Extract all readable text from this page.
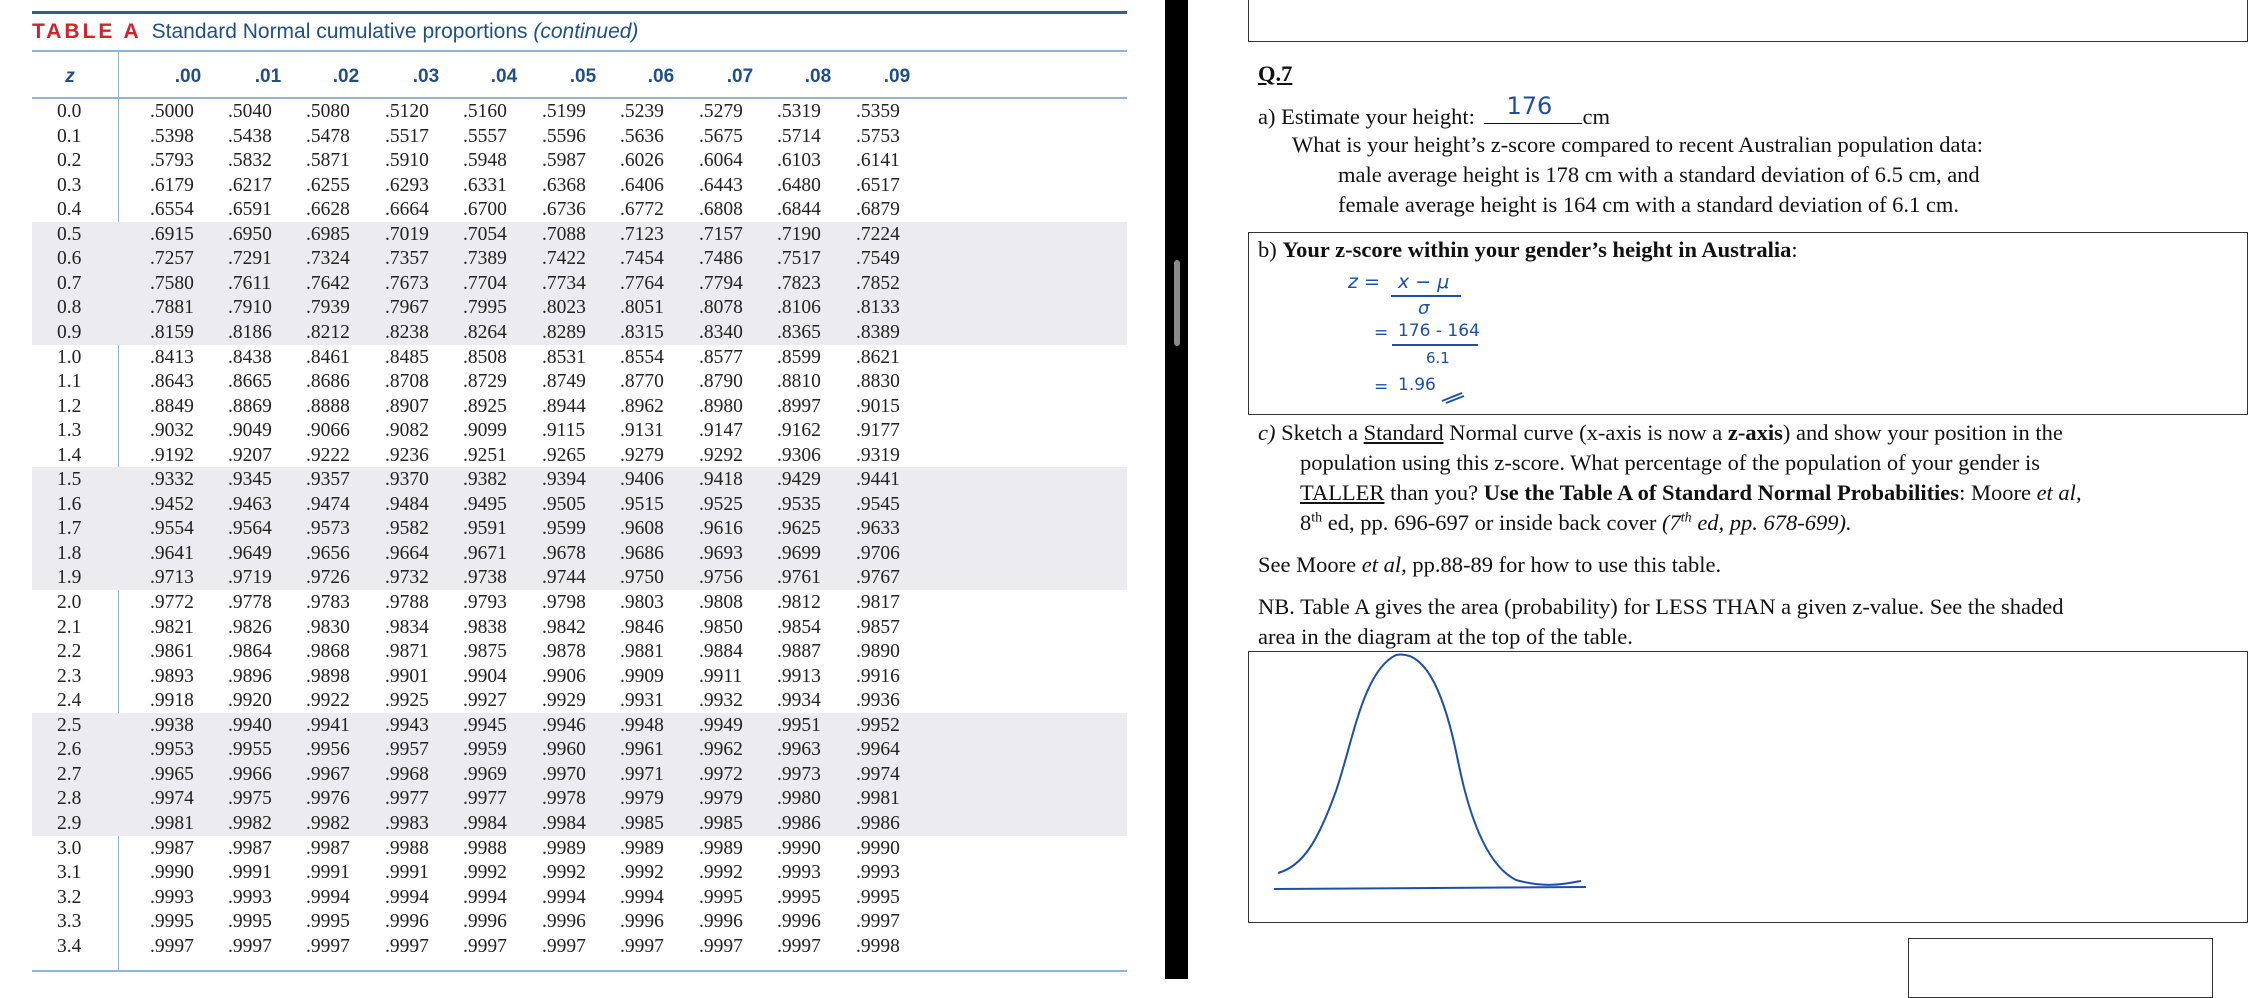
TABLE A Standard Normal cumulative proportions (continued)
z	.00	.01	.02	.03	.04	.05	.06	.07	.08	.09
0.0	.5000 .5040 .5080 .5120 .5160 .5199 .5239 .5279 .5319 .5359
0.1	.5398 .5438 .5478 .5517 .5557 .5596 .5636 .5675 .5714 .5753
0.2	.5793 .5832 .5871 .5910 .5948 .5987 .6026 .6064 .6103 .6141
0.3	.6179 .6217 .6255 .6293 .6331 .6368 .6406 .6443 .6480 .6517
0.4	.6554 .6591 .6628 .6664 .6700 .6736 .6772 .6808 .6844 .6879
0.5	.6915 .6950 .6985 .7019 .7054 .7088 .7123 .7157 .7190 .7224
0.6	.7257 .7291 .7324 .7357 .7389 .7422 .7454 .7486 .7517 .7549
0.7	.7580 .7611 .7642 .7673 .7704 .7734 .7764 .7794 .7823 .7852
0.8	.7881 .7910 .7939 .7967 .7995 .8023 .8051 .8078 .8106 .8133
0.9	.8159 .8186 .8212 .8238 .8264 .8289 .8315 .8340 .8365 .8389
1.0	.8413 .8438 .8461 .8485 .8508 .8531 .8554 .8577 .8599 .8621
1.1	.8643 .8665 .8686 .8708 .8729 .8749 .8770 .8790 .8810 .8830
1.2	.8849 .8869 .8888 .8907 .8925 .8944 .8962 .8980 .8997 .9015
1.3	.9032 .9049 .9066 .9082 .9099 .9115 .9131 .9147 .9162 .9177
1.4	.9192 .9207 .9222 .9236 .9251 .9265 .9279 .9292 .9306 .9319
1.5	.9332 .9345 .9357 .9370 .9382 .9394 .9406 .9418 .9429 .9441
1.6	.9452 .9463 .9474 .9484 .9495 .9505 .9515 .9525 .9535 .9545
1.7	.9554 .9564 .9573 .9582 .9591 .9599 .9608 .9616 .9625 .9633
1.8	.9641 .9649 .9656 .9664 .9671 .9678 .9686 .9693 .9699 .9706
1.9	.9713 .9719 .9726 .9732 .9738 .9744 .9750 .9756 .9761 .9767
2.0	.9772 .9778 .9783 .9788 .9793 .9798 .9803 .9808 .9812 .9817
2.1	.9821 .9826 .9830 .9834 .9838 .9842 .9846 .9850 .9854 .9857
2.2	.9861 .9864 .9868 .9871 .9875 .9878 .9881 .9884 .9887 .9890
2.3	.9893 .9896 .9898 .9901 .9904 .9906 .9909 .9911 .9913 .9916
2.4	.9918 .9920 .9922 .9925 .9927 .9929 .9931 .9932 .9934 .9936
2.5	.9938 .9940 .9941 .9943 .9945 .9946 .9948 .9949 .9951 .9952
2.6	.9953 .9955 .9956 .9957 .9959 .9960 .9961 .9962 .9963 .9964
2.7	.9965 .9966 .9967 .9968 .9969 .9970 .9971 .9972 .9973 .9974
2.8	.9974 .9975 .9976 .9977 .9977 .9978 .9979 .9979 .9980 .9981
2.9	.9981 .9982 .9982 .9983 .9984 .9984 .9985 .9985 .9986 .9986
3.0	.9987 .9987 .9987 .9988 .9988 .9989 .9989 .9989 .9990 .9990
3.1	.9990 .9991 .9991 .9991 .9992 .9992 .9992 .9992 .9993 .9993
3.2	.9993 .9993 .9994 .9994 .9994 .9994 .9994 .9995 .9995 .9995
3.3	.9995 .9995 .9995 .9996 .9996 .9996 .9996 .9996 .9996 .9997
3.4	.9997 .9997 .9997 .9997 .9997 .9997 .9997 .9997 .9997 .9998
Q.7
a) Estimate your height: 176 cm
What is your height’s z-score compared to recent Australian population data:
male average height is 178 cm with a standard deviation of 6.5 cm, and
female average height is 164 cm with a standard deviation of 6.1 cm.
b) Your z-score within your gender’s height in Australia:
z = x − μ
σ
= 176 - 164
6.1
= 1.96
c) Sketch a Standard Normal curve (x-axis is now a z-axis) and show your position in the
population using this z-score. What percentage of the population of your gender is
TALLER than you? Use the Table A of Standard Normal Probabilities: Moore et al,
8th ed, pp. 696-697 or inside back cover (7th ed, pp. 678-699).
See Moore et al, pp.88-89 for how to use this table.
NB. Table A gives the area (probability) for LESS THAN a given z-value. See the shaded
area in the diagram at the top of the table.
